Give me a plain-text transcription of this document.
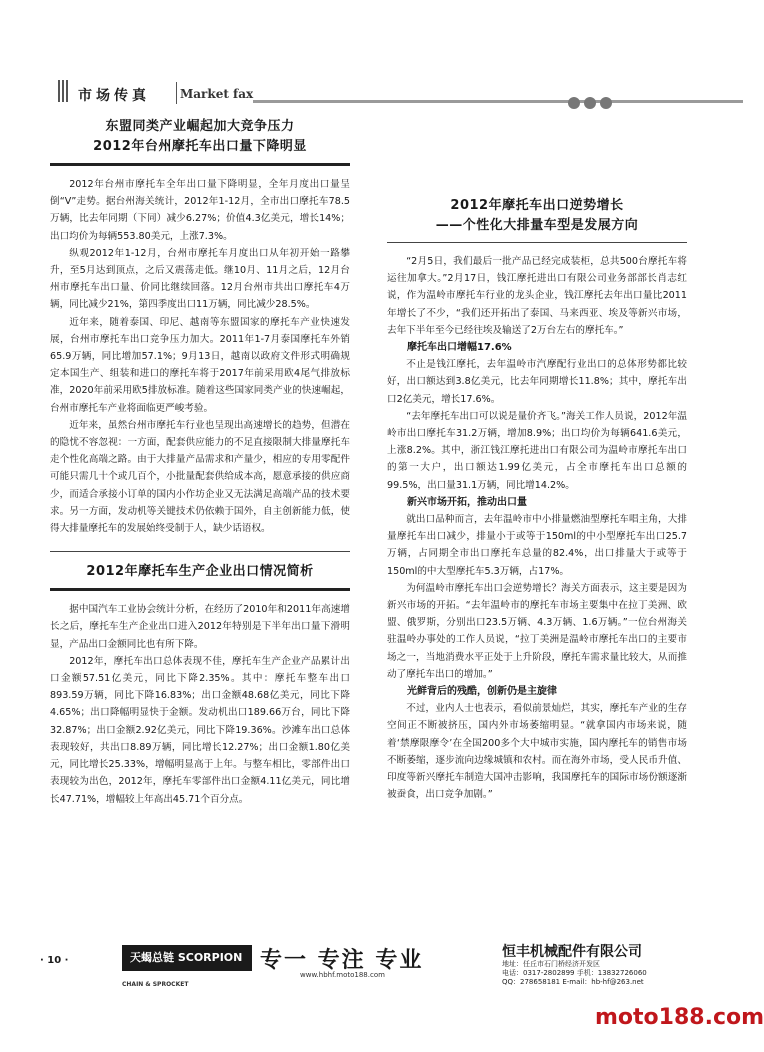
市场传真	Market fax
东盟同类产业崛起加大竞争压力
2012年台州摩托车出口量下降明显

2012年台州市摩托车全年出口量下降明显，全年月度出口量呈倒“V”走势。据台州海关统计，2012年1-12月，全市出口摩托车78.5万辆，比去年同期（下同）减少6.27%；价值4.3亿美元，增长14%；出口均价为每辆553.80美元，上涨7.3%。

纵观2012年1-12月，台州市摩托车月度出口从年初开始一路攀升，至5月达到顶点，之后又震荡走低。继10月、11月之后，12月台州市摩托车出口量、价同比继续回落。12月台州市共出口摩托车4万辆，同比减少21%，第四季度出口11万辆，同比减少28.5%。

近年来，随着泰国、印尼、越南等东盟国家的摩托车产业快速发展，台州市摩托车出口竞争压力加大。2011年1-7月泰国摩托车外销65.9万辆，同比增加57.1%；9月13日，越南以政府文件形式明确规定本国生产、组装和进口的摩托车将于2017年前采用欧4尾气排放标准，2020年前采用欧5排放标准。随着这些国家同类产业的快速崛起，台州市摩托车产业将面临更严峻考验。

近年来，虽然台州市摩托车行业也呈现出高速增长的趋势，但潜在的隐忧不容忽视：一方面，配套供应能力的不足直接限制大排量摩托车走个性化高端之路。由于大排量产品需求和产量少，相应的专用零配件可能只需几十个或几百个，小批量配套供给成本高，愿意承接的供应商少，而适合承接小订单的国内小作坊企业又无法满足高端产品的技术要求。另一方面，发动机等关键技术仍依赖于国外，自主创新能力低，使得大排量摩托车的发展始终受制于人，缺少话语权。

2012年摩托车生产企业出口情况简析

据中国汽车工业协会统计分析，在经历了2010年和2011年高速增长之后，摩托车生产企业出口进入2012年特别是下半年出口量下滑明显，产品出口金额同比也有所下降。

2012年，摩托车出口总体表现不佳，摩托车生产企业产品累计出口金额57.51亿美元，同比下降2.35%。其中：摩托车整车出口893.59万辆，同比下降16.83%；出口金额48.68亿美元，同比下降4.65%；出口降幅明显快于金额。发动机出口189.66万台，同比下降32.87%；出口金额2.92亿美元，同比下降19.36%。沙滩车出口总体表现较好，共出口8.89万辆，同比增长12.27%；出口金额1.80亿美元，同比增长25.33%，增幅明显高于上年。与整车相比，零部件出口表现较为出色，2012年，摩托车零部件出口金额4.11亿美元，同比增长47.71%，增幅较上年高出45.71个百分点。

2012年摩托车出口逆势增长
——个性化大排量车型是发展方向

“2月5日，我们最后一批产品已经完成装柜，总共500台摩托车将运往加拿大。”2月17日，钱江摩托进出口有限公司业务部部长肖志红说，作为温岭市摩托车行业的龙头企业，钱江摩托去年出口量比2011年增长了不少，“我们还开拓出了泰国、马来西亚、埃及等新兴市场，去年下半年至今已经往埃及输送了2万台左右的摩托车。”

摩托车出口增幅17.6%

不止是钱江摩托，去年温岭市汽摩配行业出口的总体形势都比较好，出口额达到3.8亿美元，比去年同期增长11.8%；其中，摩托车出口2亿美元，增长17.6%。

“去年摩托车出口可以说是量价齐飞。”海关工作人员说，2012年温岭市出口摩托车31.2万辆，增加8.9%；出口均价为每辆641.6美元，上涨8.2%。其中，浙江钱江摩托进出口有限公司为温岭市摩托车出口的第一大户，出口额达1.99亿美元，占全市摩托车出口总额的99.5%，出口量31.1万辆，同比增14.2%。

新兴市场开拓，推动出口量

就出口品种而言，去年温岭市中小排量燃油型摩托车唱主角，大排量摩托车出口减少，排量小于或等于150ml的中小型摩托车出口25.7万辆，占同期全市出口摩托车总量的82.4%，出口排量大于或等于150ml的中大型摩托车5.3万辆，占17%。

为何温岭市摩托车出口会逆势增长？海关方面表示，这主要是因为新兴市场的开拓。“去年温岭市的摩托车市场主要集中在拉丁美洲、欧盟、俄罗斯，分别出口23.5万辆、4.3万辆、1.6万辆。”一位台州海关驻温岭办事处的工作人员说，“拉丁美洲是温岭市摩托车出口的主要市场之一，当地消费水平正处于上升阶段，摩托车需求量比较大，从而推动了摩托车出口的增加。”

光鲜背后的残酷，创新仍是主旋律

不过，业内人士也表示，看似前景灿烂，其实，摩托车产业的生存空间正不断被挤压，国内外市场萎缩明显。“就拿国内市场来说，随着‘禁摩限摩令’在全国200多个大中城市实施，国内摩托车的销售市场不断萎缩，逐步流向边缘城镇和农村。而在海外市场，受人民币升值、印度等新兴摩托车制造大国冲击影响，我国摩托车的国际市场份额逐渐被蚕食，出口竞争加剧。”

· 10 ·	天蝎总链 SCORPION
CHAIN & SPROCKET
专一 专注 专业
www.hbhf.moto188.com
恒丰机械配件有限公司
地址：任丘市石门桥经济开发区
电话：0317-2802899 手机：13832726060
QQ：278658181 E-mail：hb-hf@263.net
moto188.com
